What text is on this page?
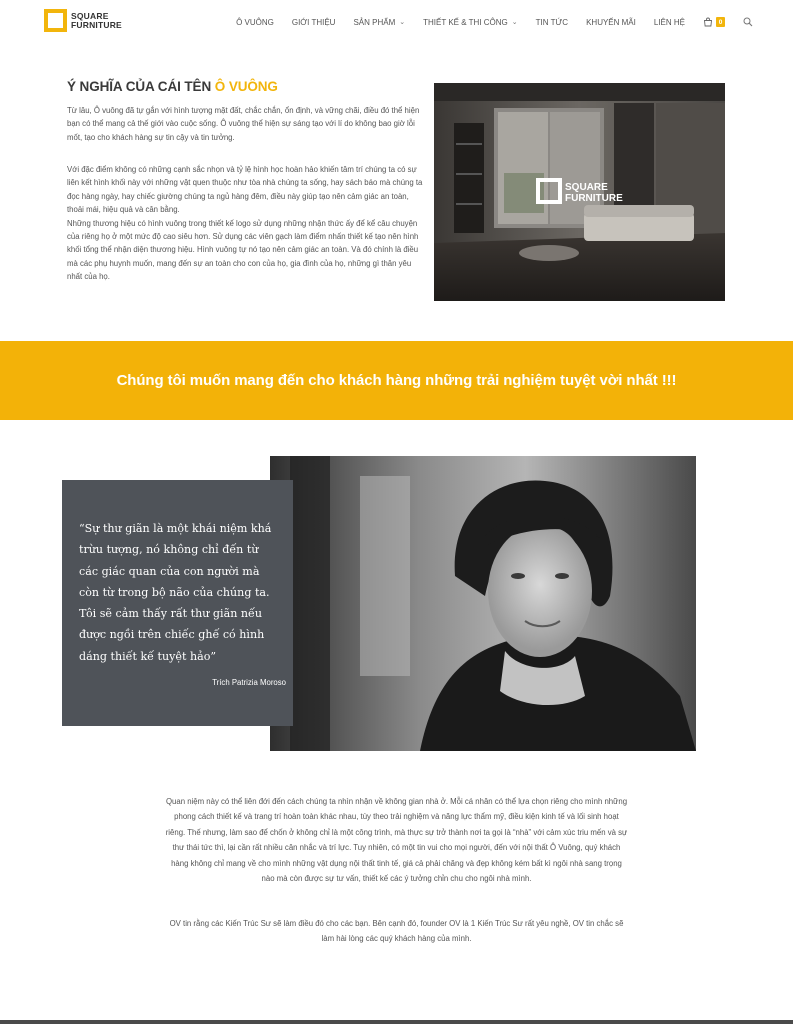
SQUARE
FURNITURE	Ô VUÔNG GIỚI THIỆU SẢN PHẨM ⌄ THIẾT KẾ & THI CÔNG ⌄ TIN TỨC KHUYẾN MÃI LIÊN HỆ	0
Ý NGHĨA CỦA CÁI TÊN Ô VUÔNG
Từ lâu, Ô vuông đã tự gắn với hình tượng mặt đất, chắc chắn, ổn định, và vững chãi, điều đó thể hiện bạn có thể mang cả thế giới vào cuộc sống. Ô vuông thể hiện sự sáng tạo với lí do không bao giờ lỗi mốt, tạo cho khách hàng sự tin cậy và tin tưởng.
Với đặc điểm không có những cạnh sắc nhọn và tỷ lệ hình học hoàn hảo khiến tâm trí chúng ta có sự liên kết hình khối này với những vật quen thuộc như tòa nhà chúng ta sống, hay sách báo mà chúng ta đọc hàng ngày, hay chiếc giường chúng ta ngủ hàng đêm, điều này giúp tạo nên cảm giác an toàn, thoải mái, hiệu quả và cân bằng.
Những thương hiệu có hình vuông trong thiết kế logo sử dụng những nhận thức ấy để kể câu chuyện của riêng họ ở một mức độ cao siêu hơn. Sử dụng các viên gạch làm điểm nhấn thiết kế tạo nên hình khối tổng thể nhận diện thương hiệu. Hình vuông tự nó tạo nên cảm giác an toàn. Và đó chính là điều mà các phụ huynh muốn, mang đến sự an toàn cho con của họ, gia đình của họ, những gì thân yêu nhất của họ.
SQUARE
FURNITURE
Chúng tôi muốn mang đến cho khách hàng những trải nghiệm tuyệt vời nhất !!!
“Sự thư giãn là một khái niệm khá trừu tượng, nó không chỉ đến từ các giác quan của con người mà còn từ trong bộ não của chúng ta. Tôi sẽ cảm thấy rất thư giãn nếu được ngồi trên chiếc ghế có hình dáng thiết kế tuyệt hảo”
Trích Patrizia Moroso
Quan niệm này có thể liên đới đến cách chúng ta nhìn nhận về không gian nhà ở. Mỗi cá nhân có thể lựa chọn riêng cho mình những phong cách thiết kế và trang trí hoàn toàn khác nhau, tùy theo trải nghiệm và năng lực thẩm mỹ, điều kiện kinh tế và lối sinh hoạt riêng. Thế nhưng, làm sao để chốn ở không chỉ là một công trình, mà thực sự trở thành nơi ta gọi là “nhà” với cảm xúc triu mến và sự thư thái tức thì, lại cần rất nhiều cân nhắc và trí lực. Tuy nhiên, có một tin vui cho mọi người, đến với nội thất Ô Vuông, quý khách hàng không chỉ mang về cho mình những vật dụng nội thất tinh tế, giá cả phải chăng và đẹp không kém bất kì ngôi nhà sang trọng nào mà còn được sự tư vấn, thiết kế các ý tưởng chỉn chu cho ngôi nhà mình.
OV tin rằng các Kiến Trúc Sư sẽ làm điều đó cho các bạn. Bên cạnh đó, founder OV là 1 Kiến Trúc Sư rất yêu nghề, OV tin chắc sẽ làm hài lòng các quý khách hàng của mình.
